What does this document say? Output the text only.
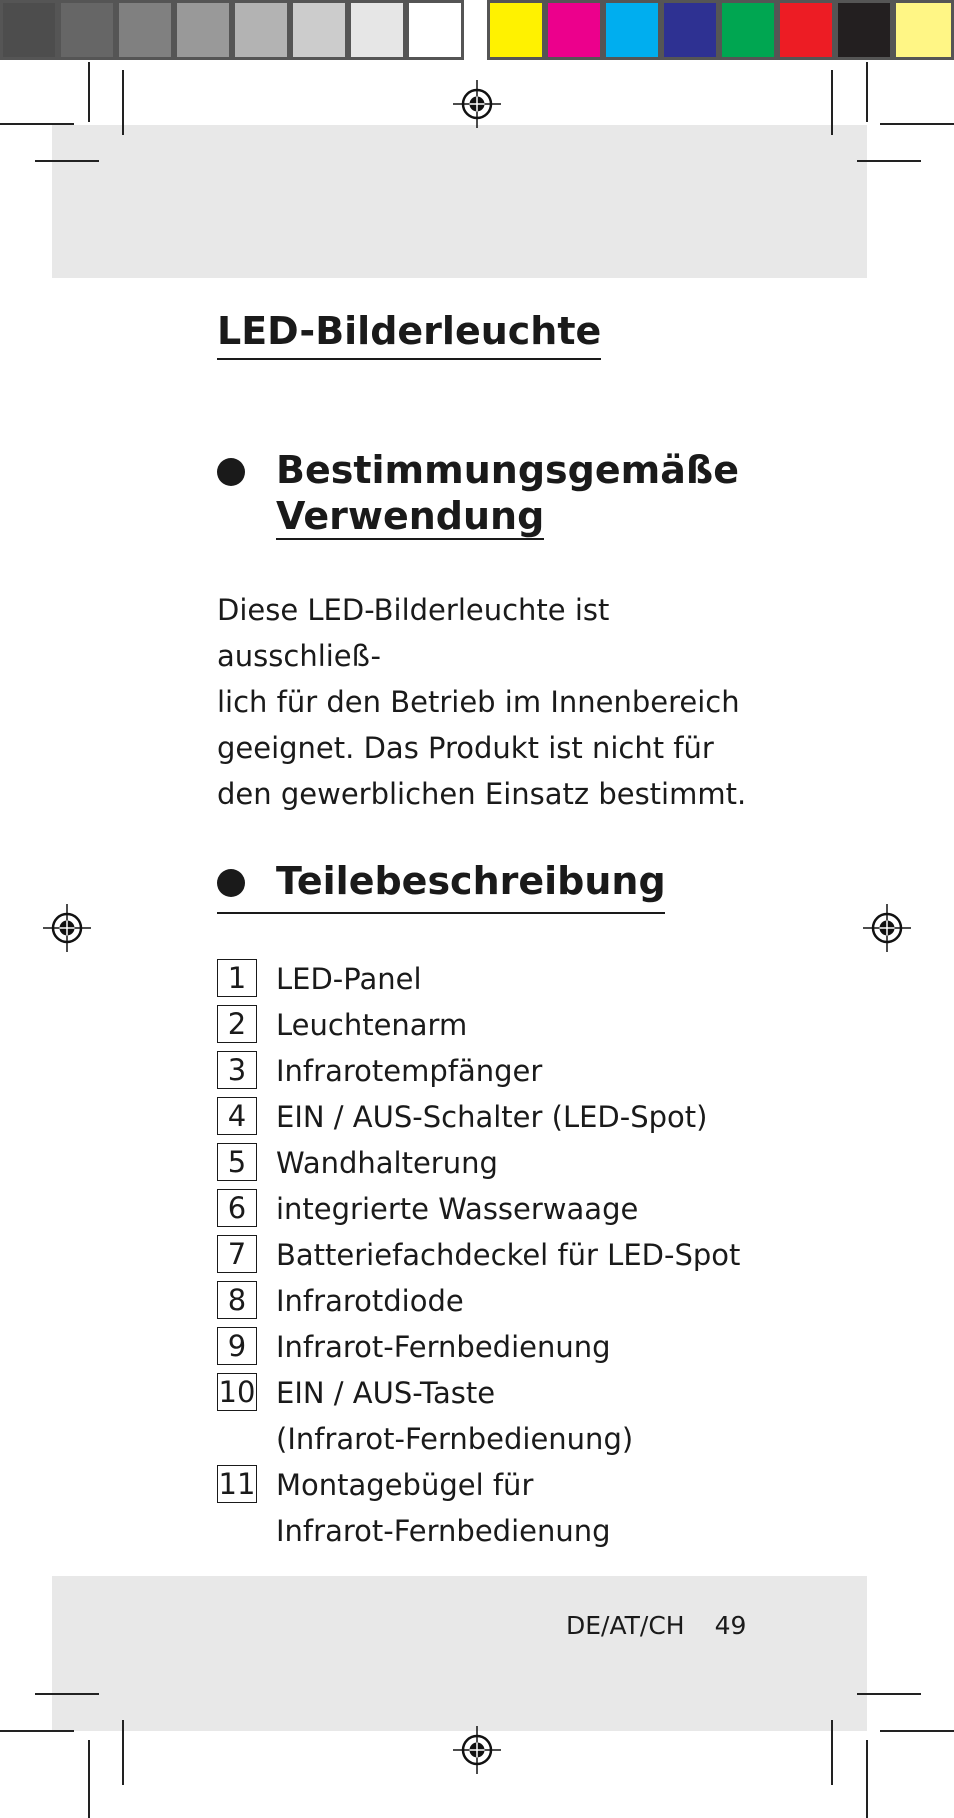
LED-Bilderleuchte
Bestimmungsgemäße
Verwendung

Diese LED-Bilderleuchte ist ausschließ-
lich für den Betrieb im Innenbereich
geeignet. Das Produkt ist nicht für
den gewerblichen Einsatz bestimmt.

Teilebeschreibung
1	LED-Panel
2	Leuchtenarm
3	Infrarotempfänger
4	EIN / AUS-Schalter (LED-Spot)
5	Wandhalterung
6	integrierte Wasserwaage
7	Batteriefachdeckel für LED-Spot
8	Infrarotdiode
9	Infrarot-Fernbedienung
10 EIN / AUS-Taste
(Infrarot-Fernbedienung)
11 Montagebügel für
Infrarot-Fernbedienung
DE/AT/CH 49
